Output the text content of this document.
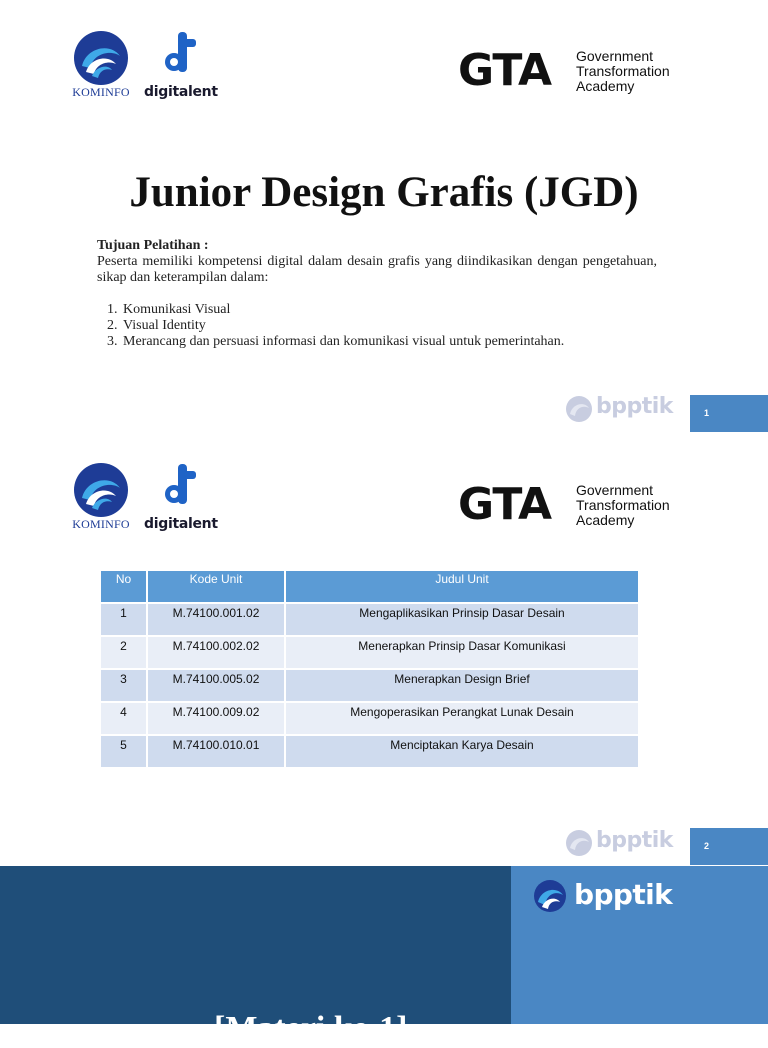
KOMINFO	digitalent	GTA Government
Transformation
Academy
Junior Design Grafis (JGD)
Tujuan Pelatihan :
Peserta memiliki kompetensi digital dalam desain grafis yang diindikasikan dengan pengetahuan, sikap dan keterampilan dalam:
1. Komunikasi Visual
2. Visual Identity
3. Merancang dan persuasi informasi dan komunikasi visual untuk pemerintahan.
bpptik	1
KOMINFO	digitalent	GTA Government
Transformation
Academy
No	Kode Unit	Judul Unit
1	M.74100.001.02	Mengaplikasikan Prinsip Dasar Desain
2	M.74100.002.02	Menerapkan Prinsip Dasar Komunikasi
3	M.74100.005.02	Menerapkan Design Brief
4	M.74100.009.02	Mengoperasikan Perangkat Lunak Desain
5	M.74100.010.01	Menciptakan Karya Desain
bpptik	2
bpptik
[Materi ke-1]
